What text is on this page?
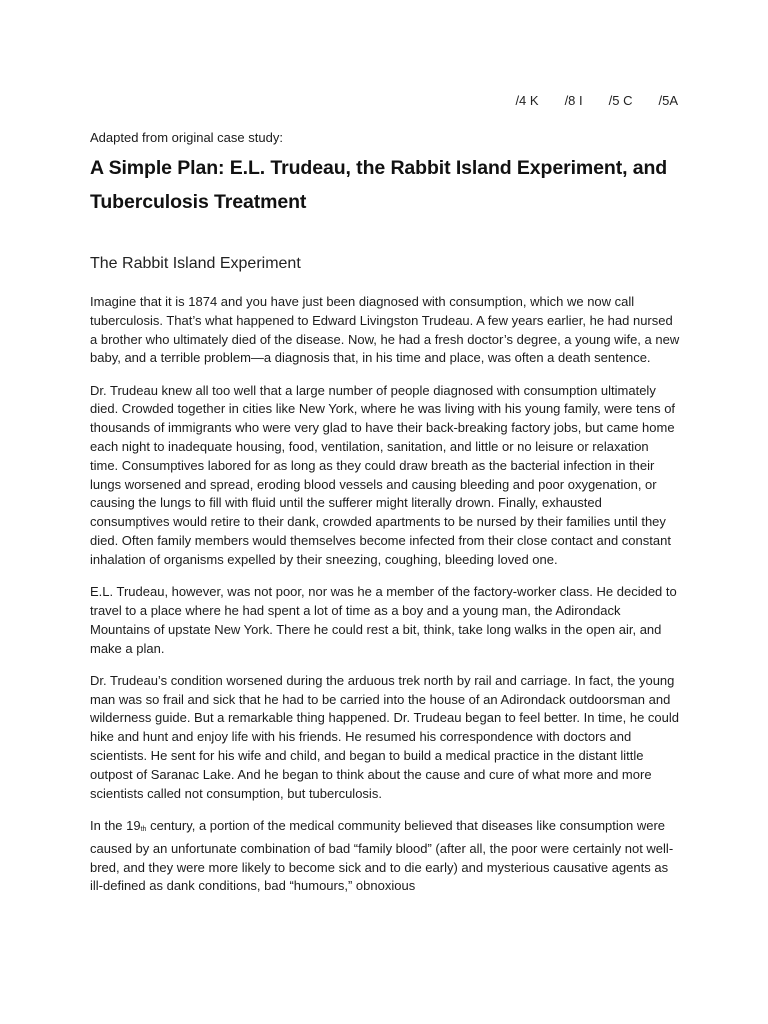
/4 K /8 I /5 C /5A

Adapted from original case study:

A Simple Plan: E.L. Trudeau, the Rabbit Island Experiment, and Tuberculosis Treatment
The Rabbit Island Experiment

Imagine that it is 1874 and you have just been diagnosed with consumption, which we now call tuberculosis. That’s what happened to Edward Livingston Trudeau. A few years earlier, he had nursed a brother who ultimately died of the disease. Now, he had a fresh doctor’s degree, a young wife, a new baby, and a terrible problem—a diagnosis that, in his time and place, was often a death sentence.

Dr. Trudeau knew all too well that a large number of people diagnosed with consumption ultimately died. Crowded together in cities like New York, where he was living with his young family, were tens of thousands of immigrants who were very glad to have their back-breaking factory jobs, but came home each night to inadequate housing, food, ventilation, sanitation, and little or no leisure or relaxation time. Consumptives labored for as long as they could draw breath as the bacterial infection in their lungs worsened and spread, eroding blood vessels and causing bleeding and poor oxygenation, or causing the lungs to fill with fluid until the sufferer might literally drown. Finally, exhausted consumptives would retire to their dank, crowded apartments to be nursed by their families until they died. Often family members would themselves become infected from their close contact and constant inhalation of organisms expelled by their sneezing, coughing, bleeding loved one.

E.L. Trudeau, however, was not poor, nor was he a member of the factory-worker class. He decided to travel to a place where he had spent a lot of time as a boy and a young man, the Adirondack Mountains of upstate New York. There he could rest a bit, think, take long walks in the open air, and make a plan.

Dr. Trudeau’s condition worsened during the arduous trek north by rail and carriage. In fact, the young man was so frail and sick that he had to be carried into the house of an Adirondack outdoorsman and wilderness guide. But a remarkable thing happened. Dr. Trudeau began to feel better. In time, he could hike and hunt and enjoy life with his friends. He resumed his correspondence with doctors and scientists. He sent for his wife and child, and began to build a medical practice in the distant little outpost of Saranac Lake. And he began to think about the cause and cure of what more and more scientists called not consumption, but tuberculosis.

In the $19_{th}$ century, a portion of the medical community believed that diseases like consumption were caused by an unfortunate combination of bad “family blood” (after all, the poor were certainly not well-bred, and they were more likely to become sick and to die early) and mysterious causative agents as ill-defined as dank conditions, bad “humours,” obnoxious
